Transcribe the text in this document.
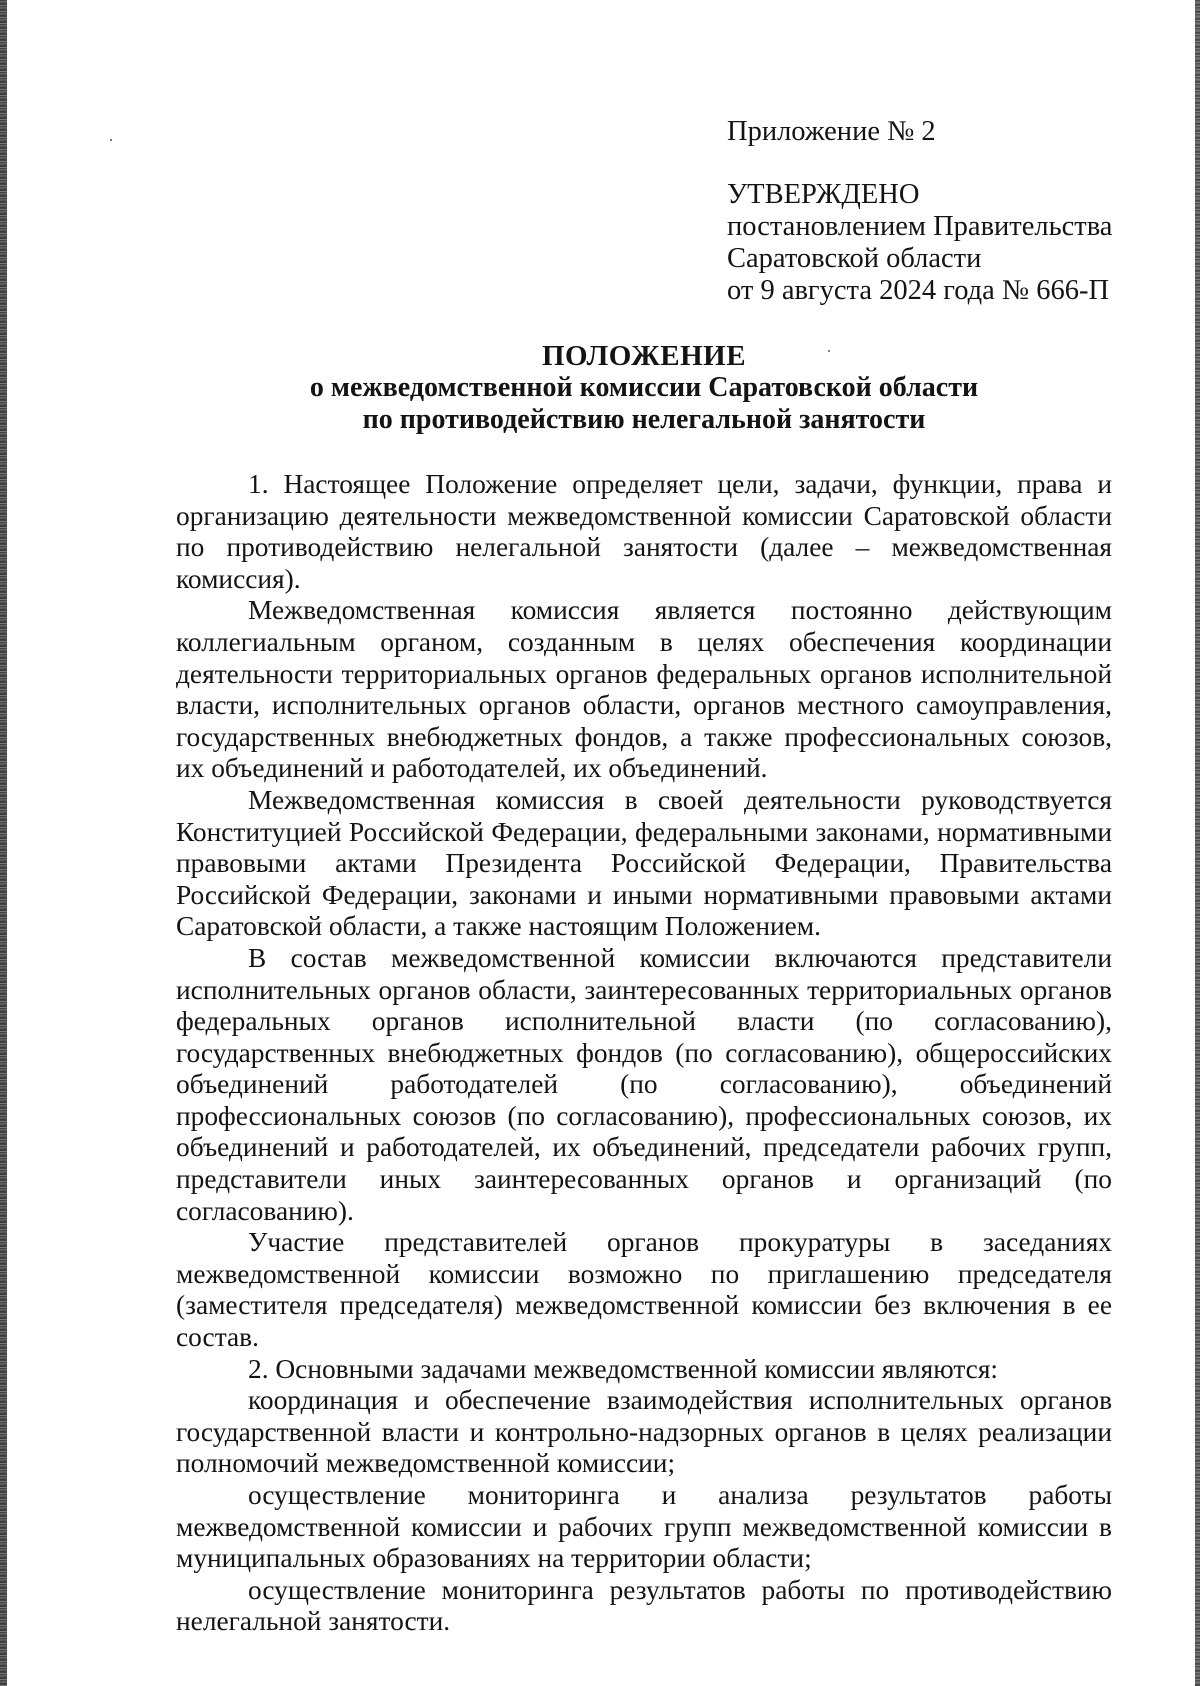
Приложение № 2

УТВЕРЖДЕНО

постановлением Правительства

Саратовской области

от 9 августа 2024 года № 666-П

ПОЛОЖЕНИЕ
о межведомственной комиссии Саратовской области
по противодействию нелегальной занятости

1. Настоящее Положение определяет цели, задачи, функции, права и организацию деятельности межведомственной комиссии Саратовской области по противодействию нелегальной занятости (далее – межведомственная комиссия).

Межведомственная комиссия является постоянно действующим коллегиальным органом, созданным в целях обеспечения координации деятельности территориальных органов федеральных органов исполнительной власти, исполнительных органов области, органов местного самоуправления, государственных внебюджетных фондов, а также профессиональных союзов, их объединений и работодателей, их объединений.

Межведомственная комиссия в своей деятельности руководствуется Конституцией Российской Федерации, федеральными законами, нормативными правовыми актами Президента Российской Федерации, Правительства Российской Федерации, законами и иными нормативными правовыми актами Саратовской области, а также настоящим Положением.

В состав межведомственной комиссии включаются представители исполнительных органов области, заинтересованных территориальных органов федеральных органов исполнительной власти (по согласованию), государственных внебюджетных фондов (по согласованию), общероссийских объединений работодателей (по согласованию), объединений профессиональных союзов (по согласованию), профессиональных союзов, их объединений и работодателей, их объединений, председатели рабочих групп, представители иных заинтересованных органов и организаций (по согласованию).

Участие представителей органов прокуратуры в заседаниях межведомственной комиссии возможно по приглашению председателя (заместителя председателя) межведомственной комиссии без включения в ее состав.

2. Основными задачами межведомственной комиссии являются:

координация и обеспечение взаимодействия исполнительных органов государственной власти и контрольно-надзорных органов в целях реализации полномочий межведомственной комиссии;

осуществление мониторинга и анализа результатов работы межведомственной комиссии и рабочих групп межведомственной комиссии в муниципальных образованиях на территории области;

осуществление мониторинга результатов работы по противодействию нелегальной занятости.
